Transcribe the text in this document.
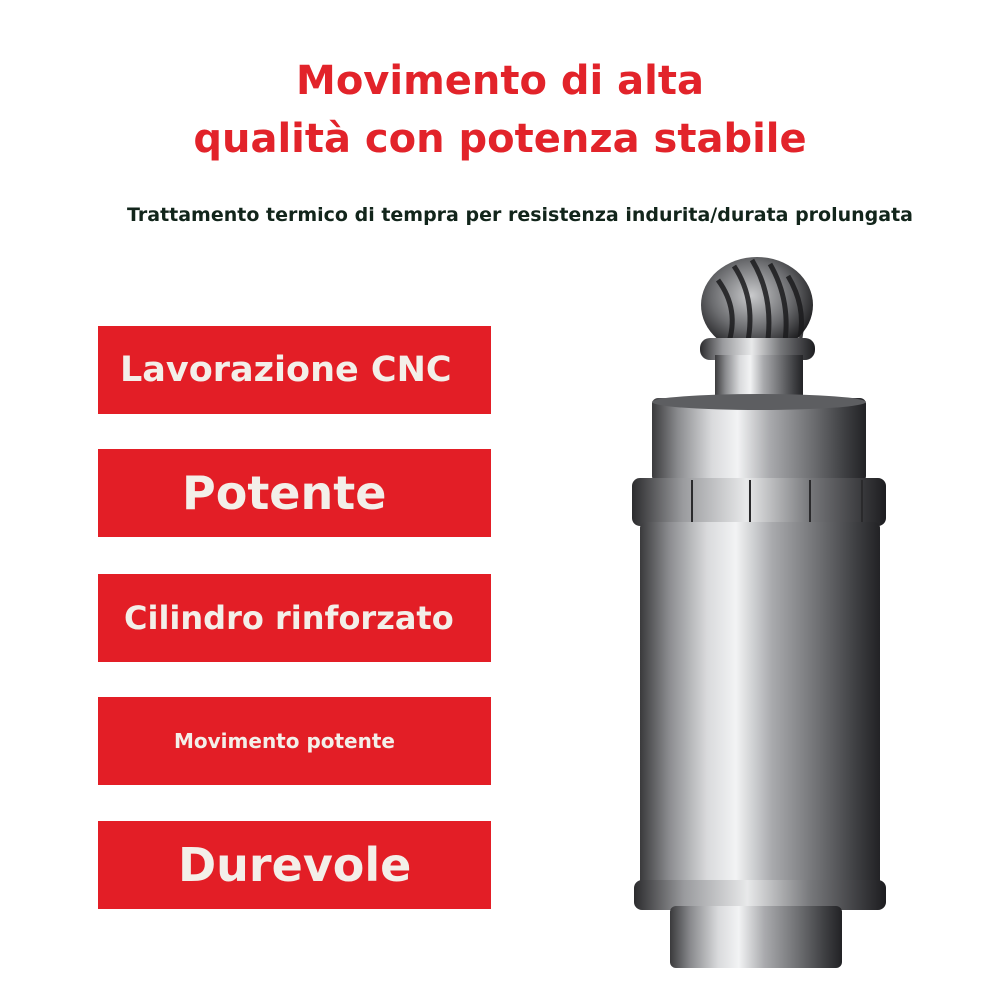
Movimento di alta
qualità con potenza stabile

Trattamento termico di tempra per resistenza indurita/durata prolungata

Lavorazione CNC
Potente
Cilindro rinforzato
Movimento potente
Durevole
